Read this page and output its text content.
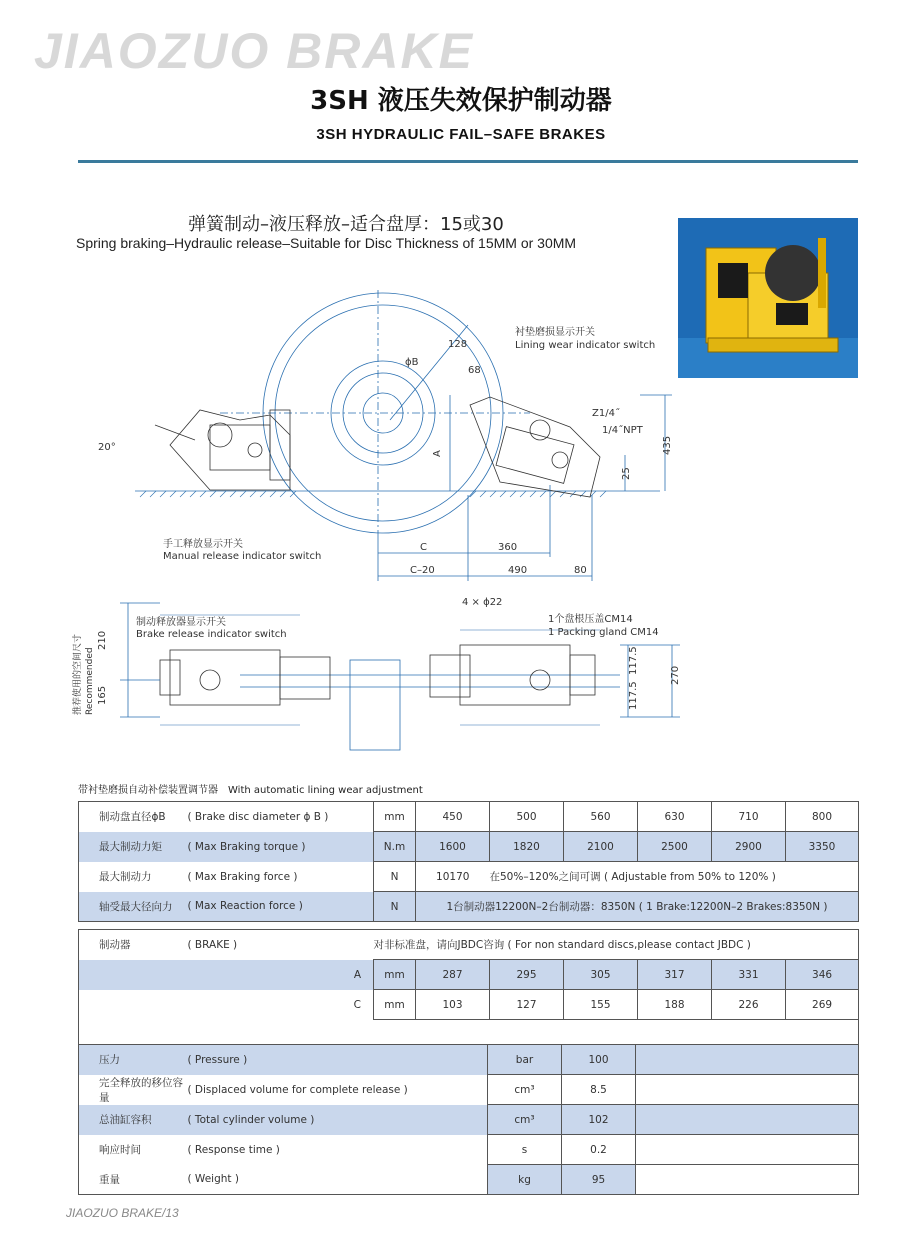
JIAOZUO BRAKE
3SH 液压失效保护制动器
3SH HYDRAULIC FAIL–SAFE BRAKES
弹簧制动–液压释放–适合盘厚：15或30
Spring braking–Hydraulic release–Suitable for Disc Thickness of 15MM or 30MM
衬垫磨损显示开关
Lining wear indicator switch
手工释放显示开关
Manual release indicator switch
制动释放器显示开关
Brake release indicator switch
1个盘根压盖CM14
1 Packing gland CM14
4 × ϕ22
Z1/4˝
1/4˝NPT
ϕB
128
68
A	435
25
20°
C	360
C–20	490	80
210
165
117.5
117.5
270
推荐使用的空间尺寸 Recommended
带衬垫磨损自动补偿装置调节器　With automatic lining wear adjustment
制动盘直径ϕB	( Brake disc diameter ϕ B )	mm	450	500	560	630	710	800
最大制动力矩	( Max Braking torque )	N.m	1600	1820	2100	2500	2900	3350
最大制动力	( Max Braking force )	N	10170	在50%–120%之间可调 ( Adjustable from 50% to 120% )				
轴受最大径向力	( Max Reaction force )	N	1台制动器12200N–2台制动器：8350N ( 1 Brake:12200N–2 Brakes:8350N )					
制动器	( BRAKE )	对非标准盘，请向JBDC咨询 ( For non standard discs,please contact JBDC )						
	A	mm	287	295	305	317	331	346
	C	mm	103	127	155	188	226	269

压力	( Pressure )	bar	100	
完全释放的移位容量	( Displaced volume for complete release )	cm³	8.5	
总油缸容积	( Total cylinder volume )	cm³	102	
响应时间	( Response time )	s	0.2	
重量	( Weight )	kg	95	
JIAOZUO BRAKE/13
